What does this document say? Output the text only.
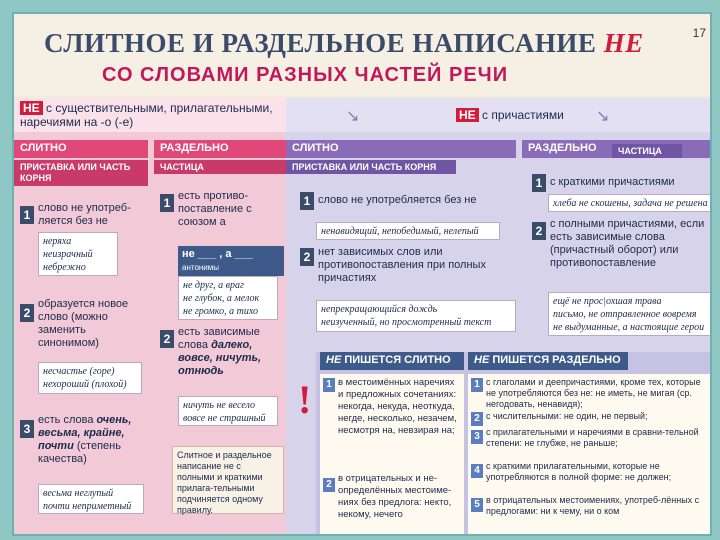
СЛИТНОЕ И РАЗДЕЛЬНОЕ НАПИСАНИЕ НЕ	17
СО СЛОВАМИ РАЗНЫХ ЧАСТЕЙ РЕЧИ
НЕ с существительными, прилагательными, наречиями на -о (-е)
СЛИТНО
ПРИСТАВКА ИЛИ ЧАСТЬ КОРНЯ
РАЗДЕЛЬНО
ЧАСТИЦА
1 слово не употреб-ляется без не
неряха
неизрачный
небрежно
2
образуется новое слово (можно заменить синонимом)
несчастье (горе)
нехороший (плохой)
3
есть слова очень, весьма, крайне, почти (степень качества)
весьма неглупый
почти неприметный
1 есть противо-поставление с союзом а
не ___ , а ___ антонимы
не друг, а враг
не глубок, а мелок
не громко, а тихо
2 есть зависимые слова далеко, вовсе, ничуть, отнюдь
ничуть не весело
вовсе не страшный
Слитное и раздельное написание не с полными и краткими прилага-тельными подчиняется одному правилу.
НЕ с причастиями
↘	↘
СЛИТНО
ПРИСТАВКА ИЛИ ЧАСТЬ КОРНЯ
РАЗДЕЛЬНО	ЧАСТИЦА
1 слово не употребляется без не
ненавидящий, непобедимый, нелепый
2 нет зависимых слов или противопоставления при полных причастиях
непрекращающийся дождь
неизученный, но просмотренный текст
1 с краткими причастиями
хлеба не скошены, задача не решена
2 с полными причастиями, если есть зависимые слова (причастный оборот) или противопоставление
ещё не прос|охшая трава
письмо, не отправленное вовремя
не выдуманные, а настоящие герои
НЕ ПИШЕТСЯ СЛИТНО	НЕ ПИШЕТСЯ РАЗДЕЛЬНО
1 в местоимённых наречиях и предложных сочетаниях: некогда, некуда, неоткуда, негде, несколько, незачем, несмотря на, невзирая на;
2
в отрицательных и не-определённых местоиме-ниях без предлога: некто, некому, нечего
1 с глаголами и деепричастиями, кроме тех, которые не употребляются без не: не иметь, не мигая (ср. негодовать, ненавидя);
2 с числительными: не один, не первый;
3 с прилагательными и наречиями в сравни-тельной степени: не глубже, не раньше;
4 с краткими прилагательными, которые не употребляются в полной форме: не должен;
5 в отрицательных местоимениях, употреб-лённых с предлогами: ни к чему, ни о ком
!
